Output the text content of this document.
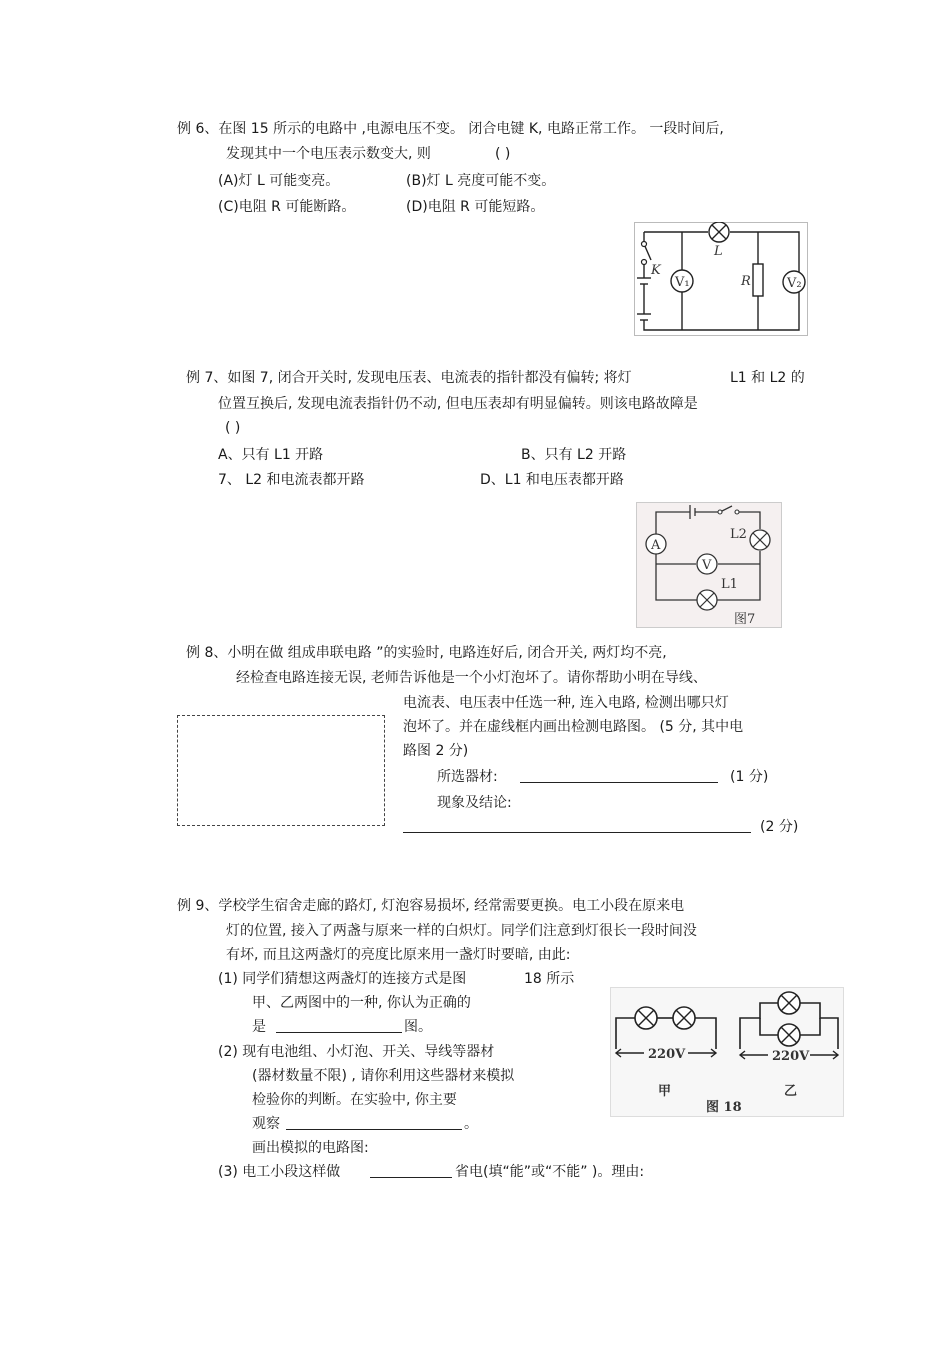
例 6、在图 15 所示的电路中 ,电源电压不变。 闭合电键 K, 电路正常工作。 一段时间后,
发现其中一个电压表示数变大, 则	( )
(A)灯 L 可能变亮。	(B)灯 L 亮度可能不变。
(C)电阻 R 可能断路。	(D)电阻 R 可能短路。
K
L
R
V₁	V₂
例 7、如图 7, 闭合开关时, 发现电压表、电流表的指针都没有偏转; 将灯	L1 和 L2 的
位置互换后, 发现电流表指针仍不动, 但电压表却有明显偏转。则该电路故障是
( )
A、只有 L1 开路	B、只有 L2 开路
7、 L2 和电流表都开路	D、L1 和电压表都开路
A
V
L2
L1
图7
例 8、小明在做 组成串联电路 ”的实验时, 电路连好后, 闭合开关, 两灯均不亮,
经检查电路连接无误, 老师告诉他是一个小灯泡坏了。请你帮助小明在导线、
电流表、电压表中任选一种, 连入电路, 检测出哪只灯
泡坏了。并在虚线框内画出检测电路图。 (5 分, 其中电
路图 2 分)
所选器材:	(1 分)
现象及结论:
(2 分)
例 9、学校学生宿舍走廊的路灯, 灯泡容易损坏, 经常需要更换。电工小段在原来电
灯的位置, 接入了两盏与原来一样的白炽灯。同学们注意到灯很长一段时间没
有坏, 而且这两盏灯的亮度比原来用一盏灯时要暗, 由此:
(1) 同学们猜想这两盏灯的连接方式是图	18 所示
甲、乙两图中的一种, 你认为正确的
是	图。
(2) 现有电池组、小灯泡、开关、导线等器材
(器材数量不限) , 请你利用这些器材来模拟
检验你的判断。在实验中, 你主要
观察	。
画出模拟的电路图:
(3) 电工小段这样做	省电(填“能”或“不能” )。理由:
220V
甲
220V
乙
图 18
